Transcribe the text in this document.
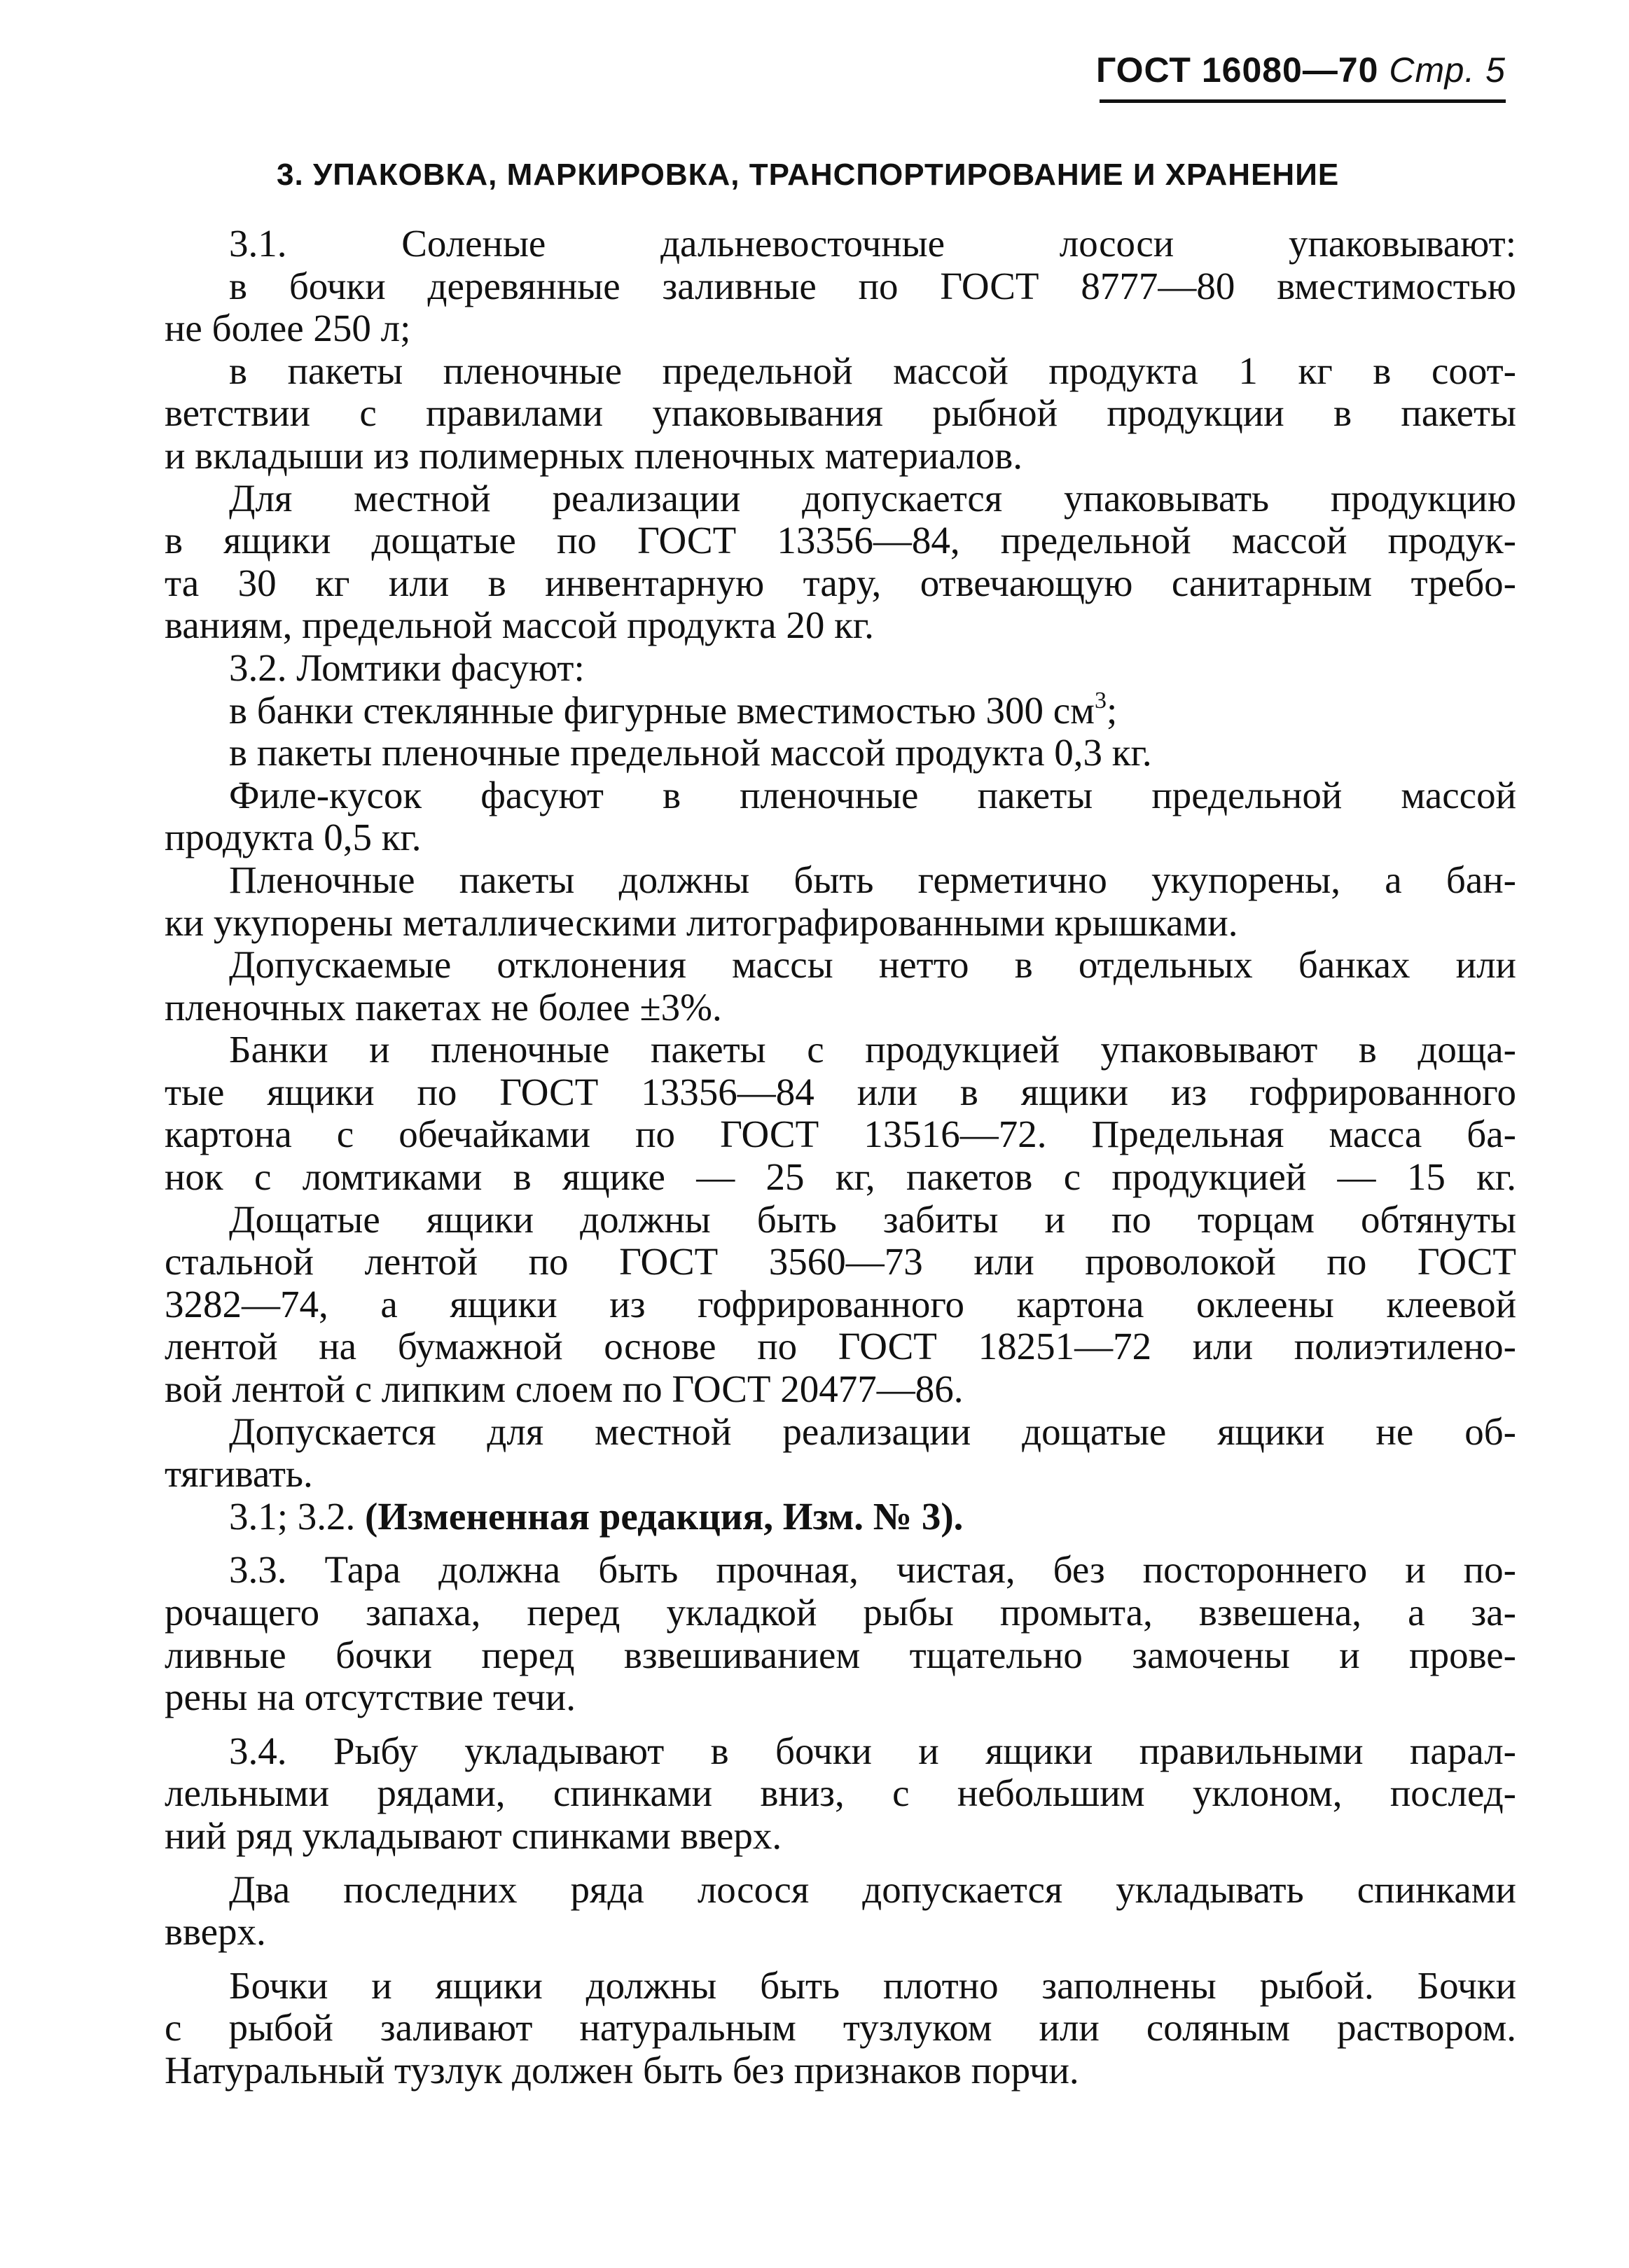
ГОСТ 16080—70 Стр. 5
3. УПАКОВКА, МАРКИРОВКА, ТРАНСПОРТИРОВАНИЕ И ХРАНЕНИЕ
3.1. Соленые дальневосточные лососи упаковывают:
в бочки деревянные заливные по ГОСТ 8777—80 вместимостью
не более 250 л;
в пакеты пленочные предельной массой продукта 1 кг в соот-
ветствии с правилами упаковывания рыбной продукции в пакеты
и вкладыши из полимерных пленочных материалов.
Для местной реализации допускается упаковывать продукцию
в ящики дощатые по ГОСТ 13356—84, предельной массой продук-
та 30 кг или в инвентарную тару, отвечающую санитарным требо-
ваниям, предельной массой продукта 20 кг.
3.2. Ломтики фасуют:
в банки стеклянные фигурные вместимостью 300 $см^3$;
в пакеты пленочные предельной массой продукта 0,3 кг.
Филе-кусок фасуют в пленочные пакеты предельной массой
продукта 0,5 кг.
Пленочные пакеты должны быть герметично укупорены, а бан-
ки укупорены металлическими литографированными крышками.
Допускаемые отклонения массы нетто в отдельных банках или
пленочных пакетах не более ±3%.
Банки и пленочные пакеты с продукцией упаковывают в доща-
тые ящики по ГОСТ 13356—84 или в ящики из гофрированного
картона с обечайками по ГОСТ 13516—72. Предельная масса ба-
нок с ломтиками в ящике — 25 кг, пакетов с продукцией — 15 кг.
Дощатые ящики должны быть забиты и по торцам обтянуты
стальной лентой по ГОСТ 3560—73 или проволокой по ГОСТ
3282—74, а ящики из гофрированного картона оклеены клеевой
лентой на бумажной основе по ГОСТ 18251—72 или полиэтилено-
вой лентой с липким слоем по ГОСТ 20477—86.
Допускается для местной реализации дощатые ящики не об-
тягивать.
3.1; 3.2. (Измененная редакция, Изм. № 3).
3.3. Тара должна быть прочная, чистая, без постороннего и по-
рочащего запаха, перед укладкой рыбы промыта, взвешена, а за-
ливные бочки перед взвешиванием тщательно замочены и прове-
рены на отсутствие течи.
3.4. Рыбу укладывают в бочки и ящики правильными парал-
лельными рядами, спинками вниз, с небольшим уклоном, послед-
ний ряд укладывают спинками вверх.
Два последних ряда лосося допускается укладывать спинками
вверх.
Бочки и ящики должны быть плотно заполнены рыбой. Бочки
с рыбой заливают натуральным тузлуком или соляным раствором.
Натуральный тузлук должен быть без признаков порчи.
